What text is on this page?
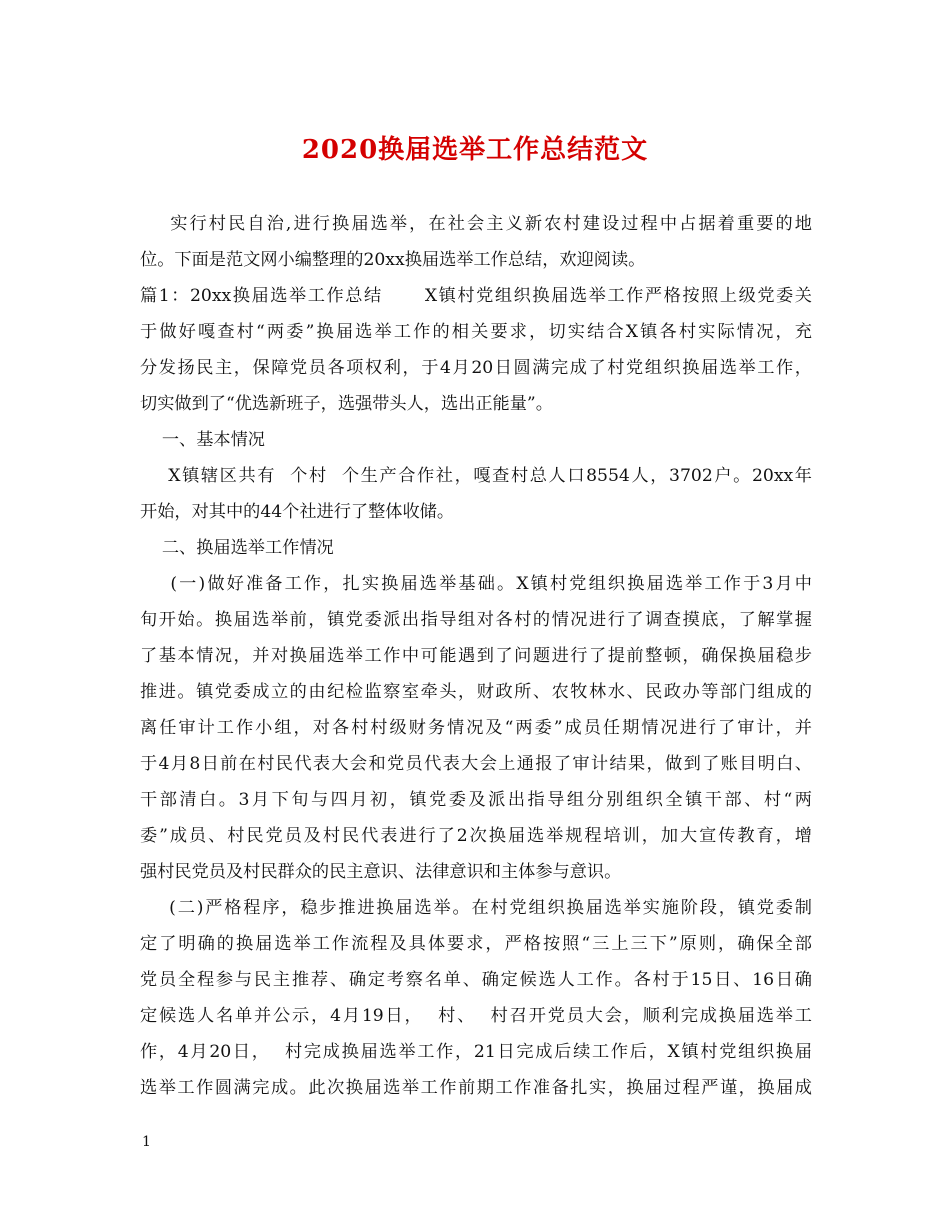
2020换届选举工作总结范文
实行村民自治,进行换届选举，在社会主义新农村建设过程中占据着重要的地
位。下面是范文网小编整理的20xx换届选举工作总结，欢迎阅读。
篇1：20xx换届选举工作总结      X镇村党组织换届选举工作严格按照上级党委关
于做好嘎查村“两委”换届选举工作的相关要求，切实结合X镇各村实际情况，充
分发扬民主，保障党员各项权利，于4月20日圆满完成了村党组织换届选举工作，
切实做到了“优选新班子，选强带头人，选出正能量”。
一、基本情况
X镇辖区共有  个村  个生产合作社，嘎查村总人口8554人，3702户。20xx年
开始，对其中的44个社进行了整体收储。
二、换届选举工作情况
(一)做好准备工作，扎实换届选举基础。X镇村党组织换届选举工作于3月中
旬开始。换届选举前，镇党委派出指导组对各村的情况进行了调查摸底，了解掌握
了基本情况，并对换届选举工作中可能遇到了问题进行了提前整顿，确保换届稳步
推进。镇党委成立的由纪检监察室牵头，财政所、农牧林水、民政办等部门组成的
离任审计工作小组，对各村村级财务情况及“两委”成员任期情况进行了审计，并
于4月8日前在村民代表大会和党员代表大会上通报了审计结果，做到了账目明白、
干部清白。3月下旬与四月初，镇党委及派出指导组分别组织全镇干部、村“两
委”成员、村民党员及村民代表进行了2次换届选举规程培训，加大宣传教育，增
强村民党员及村民群众的民主意识、法律意识和主体参与意识。
(二)严格程序，稳步推进换届选举。在村党组织换届选举实施阶段，镇党委制
定了明确的换届选举工作流程及具体要求，严格按照“三上三下”原则，确保全部
党员全程参与民主推荐、确定考察名单、确定候选人工作。各村于15日、16日确
定候选人名单并公示，4月19日，  村、  村召开党员大会，顺利完成换届选举工
作，4月20日，  村完成换届选举工作，21日完成后续工作后，X镇村党组织换届
选举工作圆满完成。此次换届选举工作前期工作准备扎实，换届过程严谨，换届成
1
